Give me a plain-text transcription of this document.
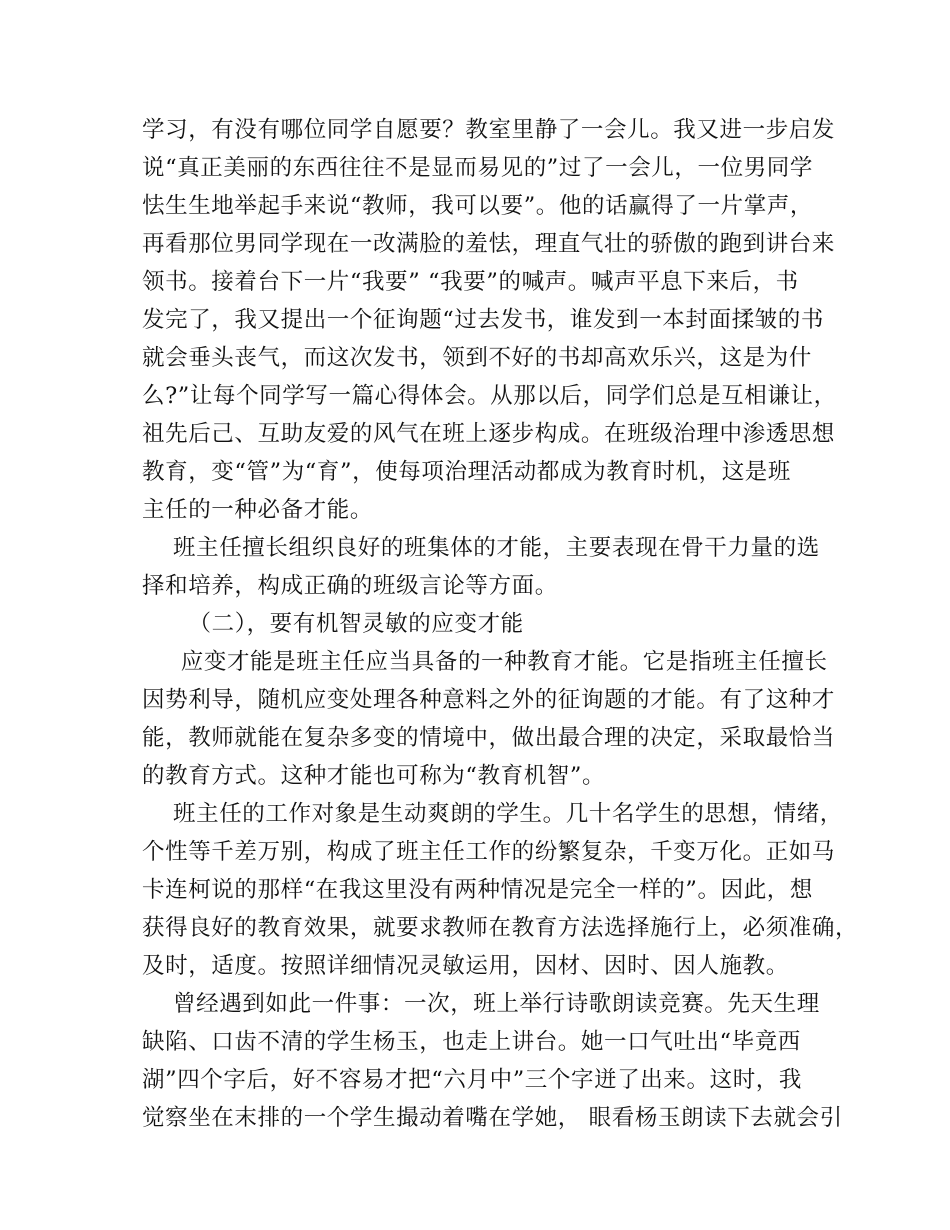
学习，有没有哪位同学自愿要？教室里静了一会儿。我又进一步启发
说“真正美丽的东西往往不是显而易见的”过了一会儿，一位男同学
怯生生地举起手来说“教师，我可以要”。他的话赢得了一片掌声，
再看那位男同学现在一改满脸的羞怯，理直气壮的骄傲的跑到讲台来
领书。接着台下一片“我要” “我要”的喊声。喊声平息下来后，书
发完了，我又提出一个征询题“过去发书，谁发到一本封面揉皱的书
就会垂头丧气，而这次发书，领到不好的书却高欢乐兴，这是为什
么?”让每个同学写一篇心得体会。从那以后，同学们总是互相谦让，
祖先后己、互助友爱的风气在班上逐步构成。在班级治理中渗透思想
教育，变“管”为“育”，使每项治理活动都成为教育时机，这是班
主任的一种必备才能。
班主任擅长组织良好的班集体的才能，主要表现在骨干力量的选
择和培养，构成正确的班级言论等方面。
（二），要有机智灵敏的应变才能
应变才能是班主任应当具备的一种教育才能。它是指班主任擅长
因势利导，随机应变处理各种意料之外的征询题的才能。有了这种才
能，教师就能在复杂多变的情境中，做出最合理的决定，采取最恰当
的教育方式。这种才能也可称为“教育机智”。
班主任的工作对象是生动爽朗的学生。几十名学生的思想，情绪，
个性等千差万别，构成了班主任工作的纷繁复杂，千变万化。正如马
卡连柯说的那样“在我这里没有两种情况是完全一样的”。因此，想
获得良好的教育效果，就要求教师在教育方法选择施行上，必须准确，
及时，适度。按照详细情况灵敏运用，因材、因时、因人施教。
曾经遇到如此一件事：一次，班上举行诗歌朗读竞赛。先天生理
缺陷、口齿不清的学生杨玉，也走上讲台。她一口气吐出“毕竟西
湖”四个字后，好不容易才把“六月中”三个字迸了出来。这时，我
觉察坐在末排的一个学生撮动着嘴在学她， 眼看杨玉朗读下去就会引
